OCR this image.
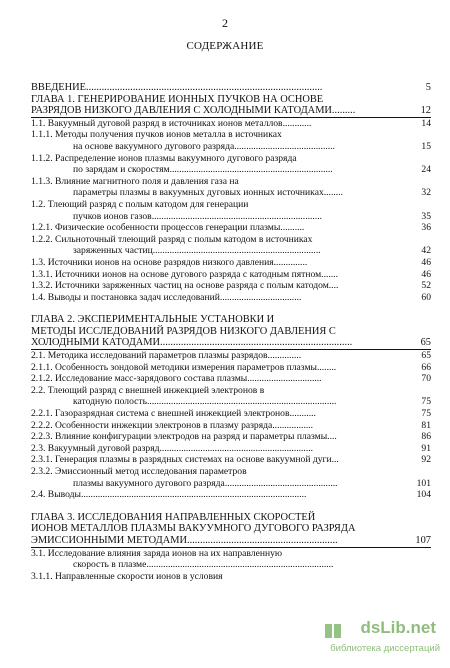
2
СОДЕРЖАНИЕ
ВВЕДЕНИЕ...........................................................................................	5
ГЛАВА 1. ГЕНЕРИРОВАНИЕ ИОННЫХ ПУЧКОВ НА ОСНОВЕ
РАЗРЯДОВ НИЗКОГО ДАВЛЕНИЯ С ХОЛОДНЫМИ КАТОДАМИ.........	12
1.1. Вакуумный дуговой разряд в источниках ионов металлов............	14
1.1.1. Методы получения пучков ионов металла в источниках
на основе вакуумного дугового разряда..........................................	15
1.1.2. Распределение ионов плазмы вакуумного дугового разряда
по зарядам и скоростям....................................................................	24
1.1.3. Влияние магнитного поля и давления газа на
параметры плазмы в вакуумных дуговых ионных источниках........	32
1.2. Тлеющий разряд с полым катодом для генерации
пучков ионов газов.......................................................................	35
1.2.1. Физические особенности процессов генерации плазмы..........	36
1.2.2. Сильноточный тлеющий разряд с полым катодом в источниках
заряженных частиц......................................................................	42
1.3. Источники ионов на основе разрядов низкого давления..............	46
1.3.1. Источники ионов на основе дугового разряда с катодным пятном.......	46
1.3.2. Источники заряженных частиц на основе разряда с полым катодом....	52
1.4. Выводы и постановка задач исследований..................................	60
ГЛАВА 2. ЭКСПЕРИМЕНТАЛЬНЫЕ УСТАНОВКИ И
МЕТОДЫ ИССЛЕДОВАНИЙ РАЗРЯДОВ НИЗКОГО ДАВЛЕНИЯ С
ХОЛОДНЫМИ КАТОДАМИ..........................................................................	65
2.1. Методика исследований параметров плазмы разрядов..............	65
2.1.1. Особенность зондовой методики измерения параметров плазмы........	66
2.1.2. Исследование масс-зарядового состава плазмы...............................	70
2.2. Тлеющий разряд с внешней инжекцией электронов в
катодную полость...............................................................................	75
2.2.1. Газоразрядная система с внешней инжекцией электронов...........	75
2.2.2. Особенности инжекции электронов в плазму разряда.................	81
2.2.3. Влияние конфигурации электродов на разряд и параметры плазмы....	86
2.3. Вакуумный дуговой разряд................................................................	91
2.3.1. Генерация плазмы в разрядных системах на основе вакуумной дуги...	92
2.3.2. Эмиссионный метод исследования параметров
плазмы вакуумного дугового разряда...............................................	101
2.4. Выводы..............................................................................................	104
ГЛАВА 3. ИССЛЕДОВАНИЯ НАПРАВЛЕННЫХ СКОРОСТЕЙ
ИОНОВ МЕТАЛЛОВ ПЛАЗМЫ ВАКУУМНОГО ДУГОВОГО РАЗРЯДА
ЭМИССИОННЫМИ МЕТОДАМИ..........................................................	107
3.1. Исследование влияния заряда ионов на их направленную
скорость в плазме..............................................................................
3.1.1. Направленные скорости ионов в условия
dsLib.net
библиотека диссертаций
